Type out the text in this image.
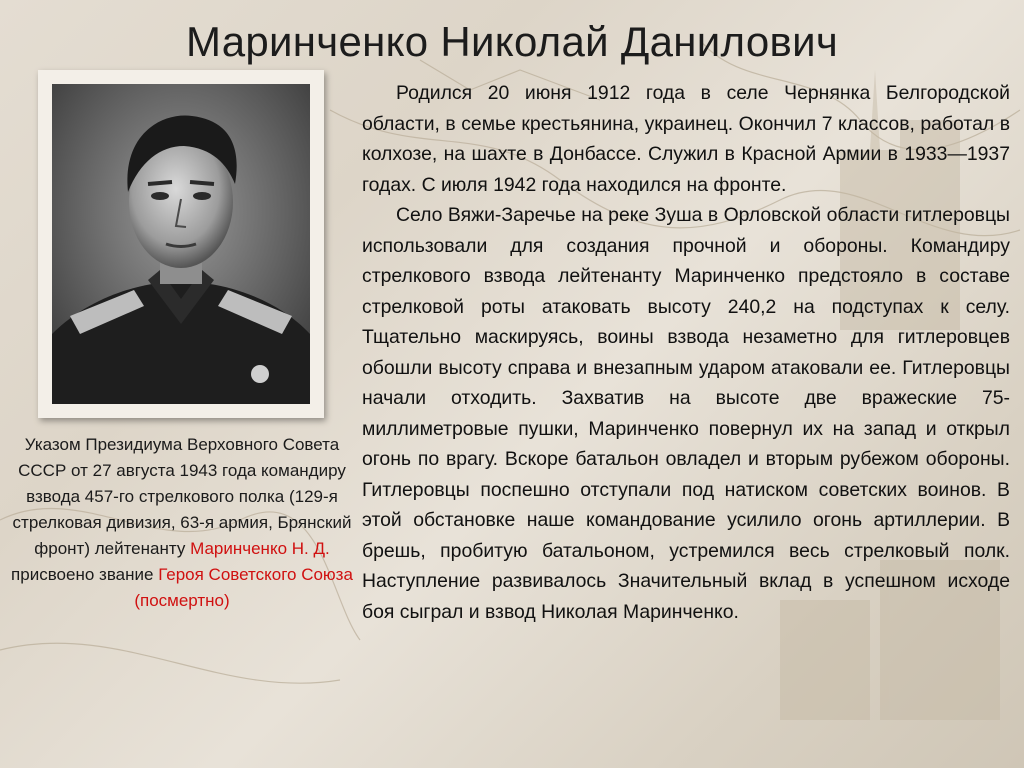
Маринченко Николай Данилович
Указом Президиума Верховного Совета СССР от 27 августа 1943 года командиру взвода 457-го стрелкового полка (129-я стрелковая дивизия, 63-я армия, Брянский фронт) лейтенанту Маринченко Н. Д. присвоено звание Героя Советского Союза (посмертно)

Родился 20 июня 1912 года в селе Чернянка Белгородской области, в семье крестьянина, украинец. Окончил 7 классов, работал в колхозе, на шахте в Донбассе. Служил в Красной Армии в 1933—1937 годах. С июля 1942 года находился на фронте.

Село Вяжи-Заречье на реке Зуша в Орловской области гитлеровцы использовали для создания прочной и обороны. Командиру стрелкового взвода лейтенанту Маринченко предстояло в составе стрелковой роты атаковать высоту 240,2 на подступах к селу. Тщательно маскируясь, воины взвода незаметно для гитлеровцев обошли высоту справа и внезапным ударом атаковали ее. Гитлеровцы начали отходить. Захватив на высоте две вражеские 75-миллиметровые пушки, Маринченко повернул их на запад и открыл огонь по врагу. Вскоре батальон овладел и вторым рубежом обороны. Гитлеровцы поспешно отступали под натиском советских воинов. В этой обстановке наше командование усилило огонь артиллерии. В брешь, пробитую батальоном, устремился весь стрелковый полк. Наступление развивалось Значительный вклад в успешном исходе боя сыграл и взвод Николая Маринченко.
